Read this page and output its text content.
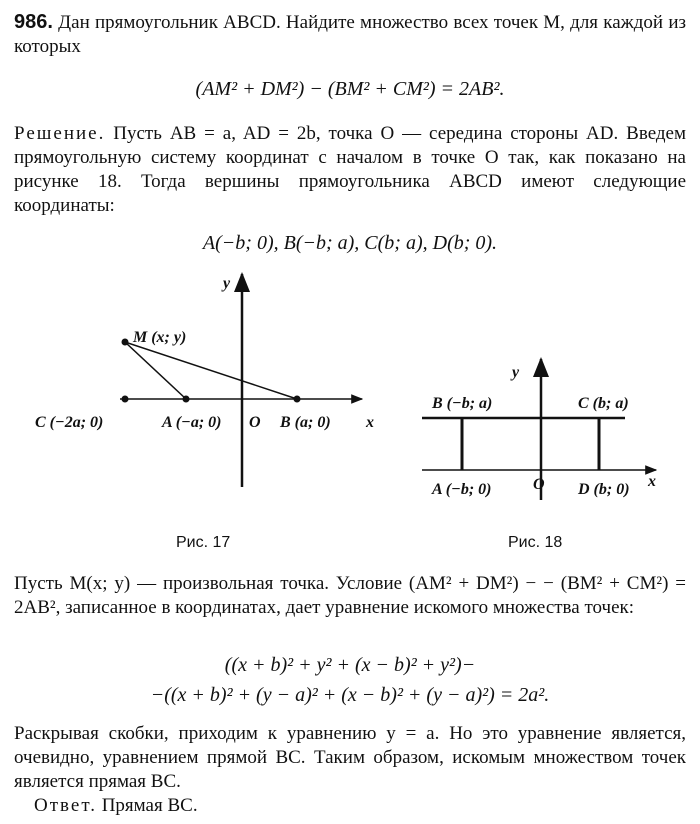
986. Дан прямоугольник ABCD. Найдите множество всех точек M, для каждой из которых
(AM² + DM²) − (BM² + CM²) = 2AB².
Решение. Пусть AB = a, AD = 2b, точка O — середина стороны AD. Введем прямоугольную систему координат с началом в точке O так, как показано на рисунке 18. Тогда вершины прямоугольника ABCD имеют следующие координаты:
A(−b; 0), B(−b; a), C(b; a), D(b; 0).
y
M (x; y)
C (−2a; 0)	A (−a; 0) O B (a; 0) x
Рис. 17
y
B (−b; a)	C (b; a)
A (−b; 0)	O D (b; 0) x
Рис. 18
Пусть M(x; y) — произвольная точка. Условие (AM² + DM²) − − (BM² + CM²) = 2AB², записанное в координатах, дает уравнение искомого множества точек:
((x + b)² + y² + (x − b)² + y²)−
−((x + b)² + (y − a)² + (x − b)² + (y − a)²) = 2a².
Раскрывая скобки, приходим к уравнению y = a. Но это уравнение является, очевидно, уравнением прямой BC. Таким образом, искомым множеством точек является прямая BC.
Ответ. Прямая BC.
